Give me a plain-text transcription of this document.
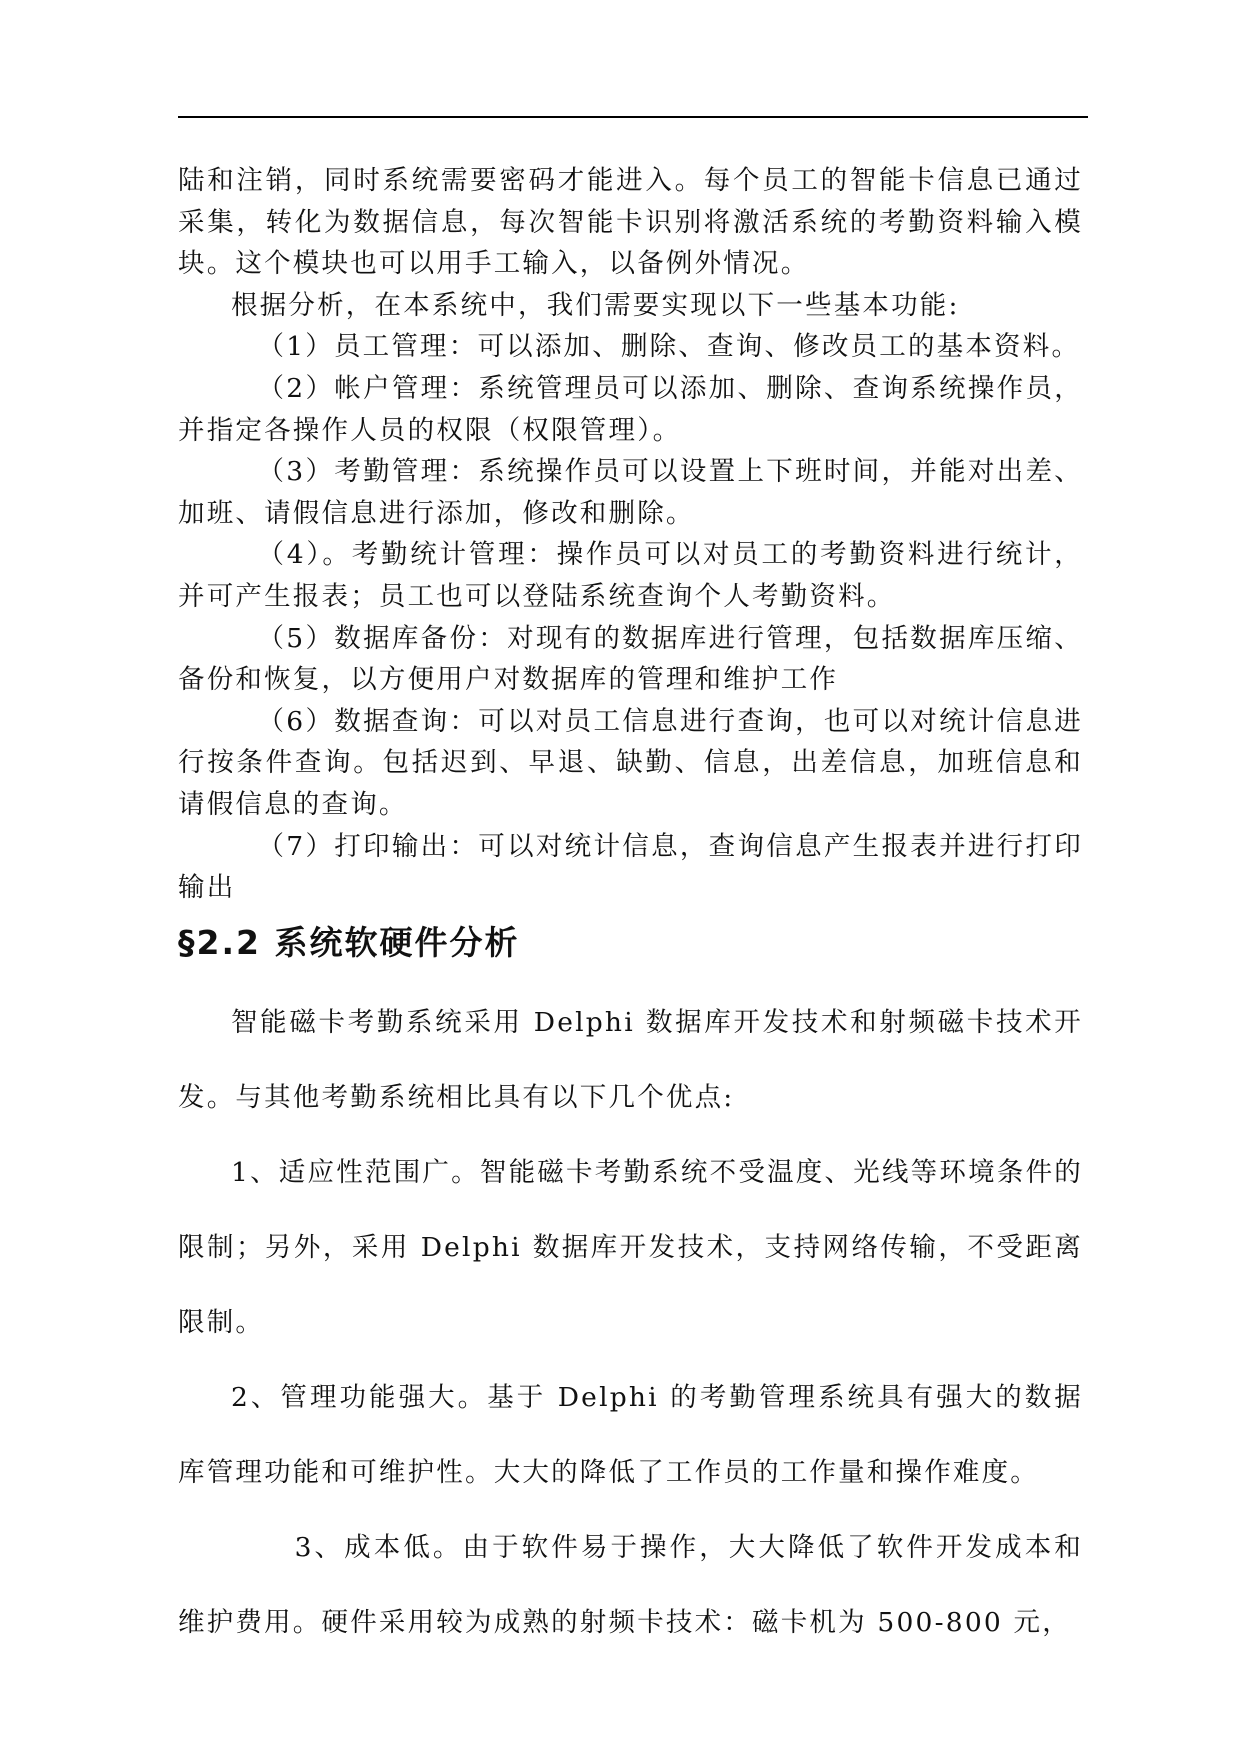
陆和注销，同时系统需要密码才能进入。每个员工的智能卡信息已通过采集，转化为数据信息，每次智能卡识别将激活系统的考勤资料输入模块。这个模块也可以用手工输入，以备例外情况。

根据分析，在本系统中，我们需要实现以下一些基本功能:

（1）员工管理：可以添加、删除、查询、修改员工的基本资料。

（2）帐户管理：系统管理员可以添加、删除、查询系统操作员，并指定各操作人员的权限（权限管理）。

（3）考勤管理：系统操作员可以设置上下班时间，并能对出差、加班、请假信息进行添加，修改和删除。

（4）。考勤统计管理：操作员可以对员工的考勤资料进行统计，并可产生报表；员工也可以登陆系统查询个人考勤资料。

（5）数据库备份：对现有的数据库进行管理，包括数据库压缩、备份和恢复，以方便用户对数据库的管理和维护工作

（6）数据查询：可以对员工信息进行查询，也可以对统计信息进行按条件查询。包括迟到、早退、缺勤、信息，出差信息，加班信息和请假信息的查询。

（7）打印输出：可以对统计信息，查询信息产生报表并进行打印输出

§2.2 系统软硬件分析

智能磁卡考勤系统采用 Delphi 数据库开发技术和射频磁卡技术开发。与其他考勤系统相比具有以下几个优点:

1、适应性范围广。智能磁卡考勤系统不受温度、光线等环境条件的限制；另外，采用 Delphi 数据库开发技术，支持网络传输，不受距离限制。

2、管理功能强大。基于 Delphi 的考勤管理系统具有强大的数据库管理功能和可维护性。大大的降低了工作员的工作量和操作难度。

3、成本低。由于软件易于操作，大大降低了软件开发成本和维护费用。硬件采用较为成熟的射频卡技术：磁卡机为 500-800 元，
